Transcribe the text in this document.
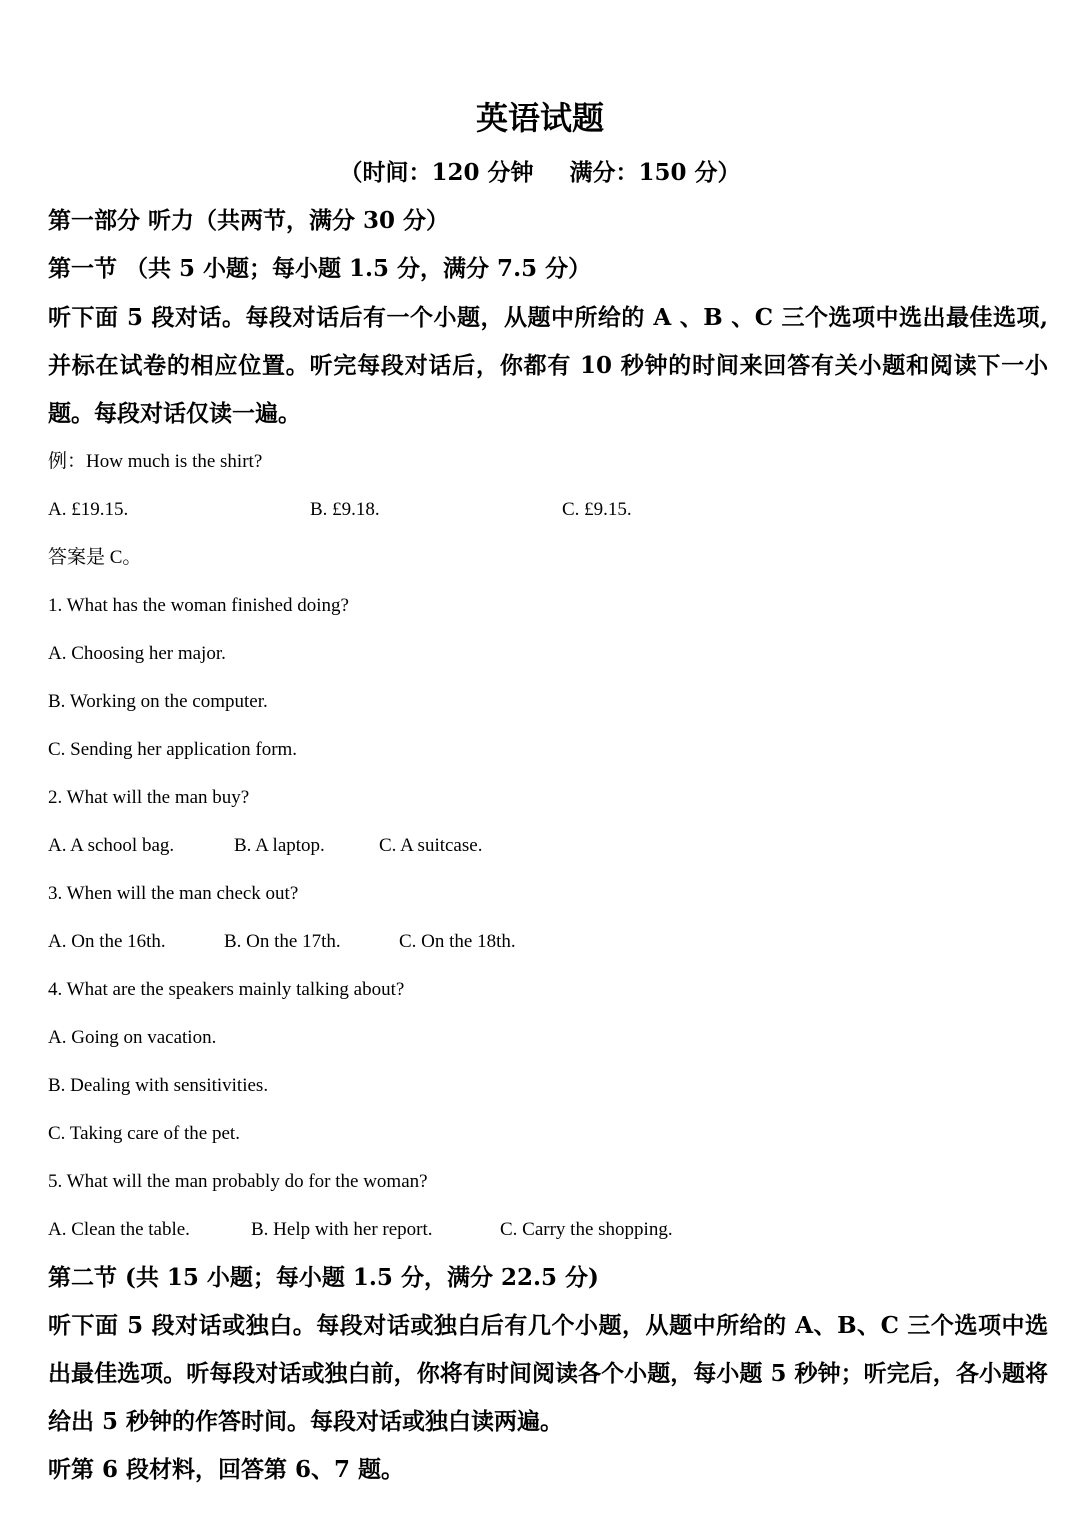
英语试题
（时间：120 分钟 满分：150 分）
第一部分 听力（共两节，满分 30 分）
第一节 （共 5 小题；每小题 1.5 分，满分 7.5 分）
听下面 5 段对话。每段对话后有一个小题，从题中所给的 A 、B 、C 三个选项中选出最佳选项,并标在试卷的相应位置。听完每段对话后，你都有 10 秒钟的时间来回答有关小题和阅读下一小题。每段对话仅读一遍。
例：How much is the shirt?
A. £19.15.	B. £9.18.	C. £9.15.
答案是 C。
1. What has the woman finished doing?
A. Choosing her major.
B. Working on the computer.
C. Sending her application form.
2. What will the man buy?
A. A school bag.	B. A laptop.	C. A suitcase.
3. When will the man check out?
A. On the 16th.	B. On the 17th.	C. On the 18th.
4. What are the speakers mainly talking about?
A. Going on vacation.
B. Dealing with sensitivities.
C. Taking care of the pet.
5. What will the man probably do for the woman?
A. Clean the table.	B. Help with her report.	C. Carry the shopping.
第二节 (共 15 小题；每小题 1.5 分，满分 22.5 分)
听下面 5 段对话或独白。每段对话或独白后有几个小题，从题中所给的 A、B、C 三个选项中选出最佳选项。听每段对话或独白前，你将有时间阅读各个小题，每小题 5 秒钟；听完后，各小题将给出 5 秒钟的作答时间。每段对话或独白读两遍。
听第 6 段材料，回答第 6、7 题。
